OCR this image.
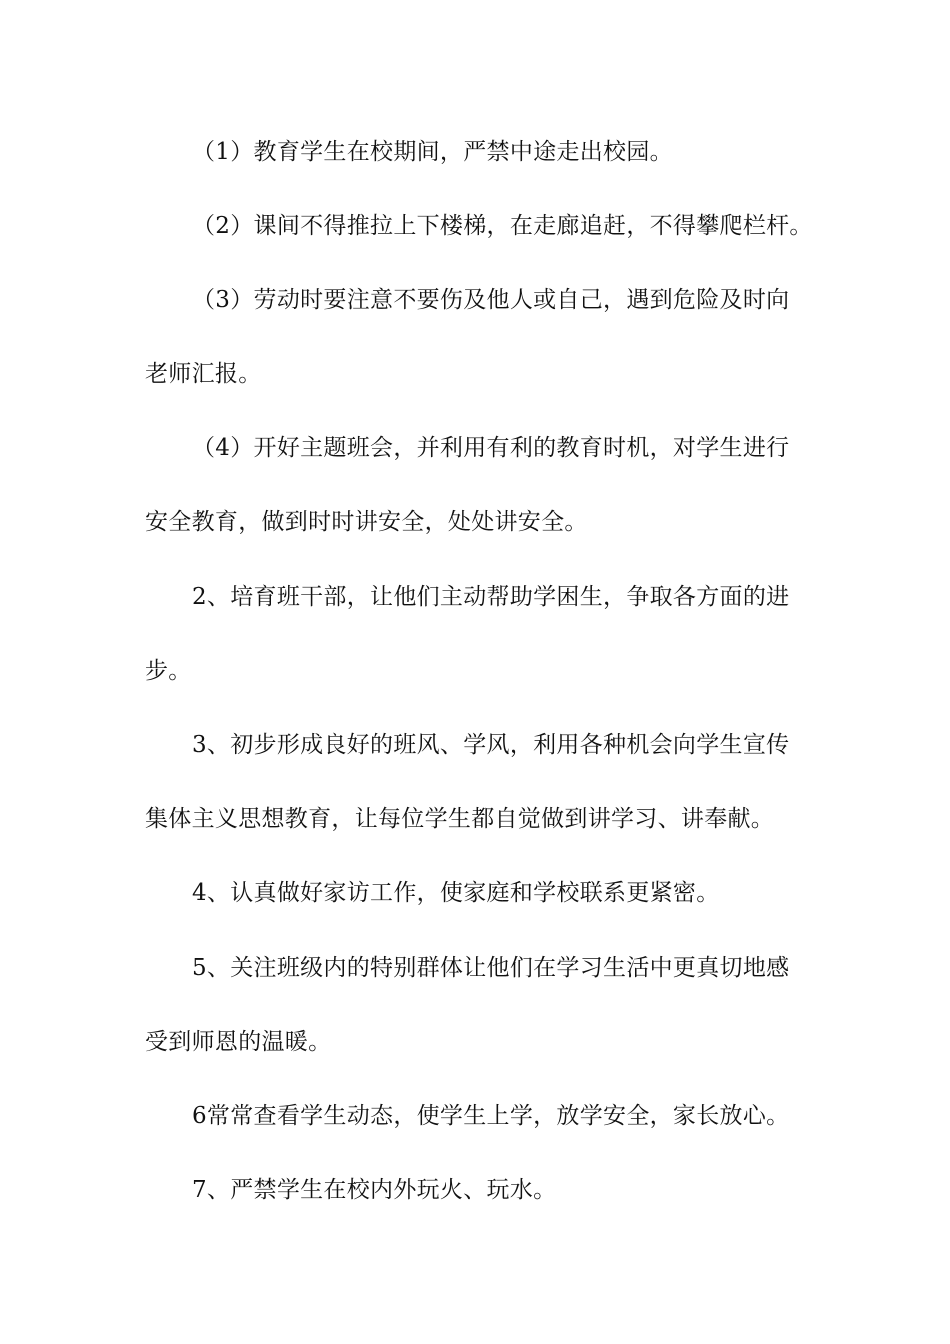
（1）教育学生在校期间，严禁中途走出校园。
（2）课间不得推拉上下楼梯，在走廊追赶，不得攀爬栏杆。
（3）劳动时要注意不要伤及他人或自己，遇到危险及时向
老师汇报。
（4）开好主题班会，并利用有利的教育时机，对学生进行
安全教育，做到时时讲安全，处处讲安全。
2、培育班干部，让他们主动帮助学困生，争取各方面的进
步。
3、初步形成良好的班风、学风，利用各种机会向学生宣传
集体主义思想教育，让每位学生都自觉做到讲学习、讲奉献。
4、认真做好家访工作，使家庭和学校联系更紧密。
5、关注班级内的特别群体让他们在学习生活中更真切地感
受到师恩的温暖。
6常常查看学生动态，使学生上学，放学安全，家长放心。
7、严禁学生在校内外玩火、玩水。
